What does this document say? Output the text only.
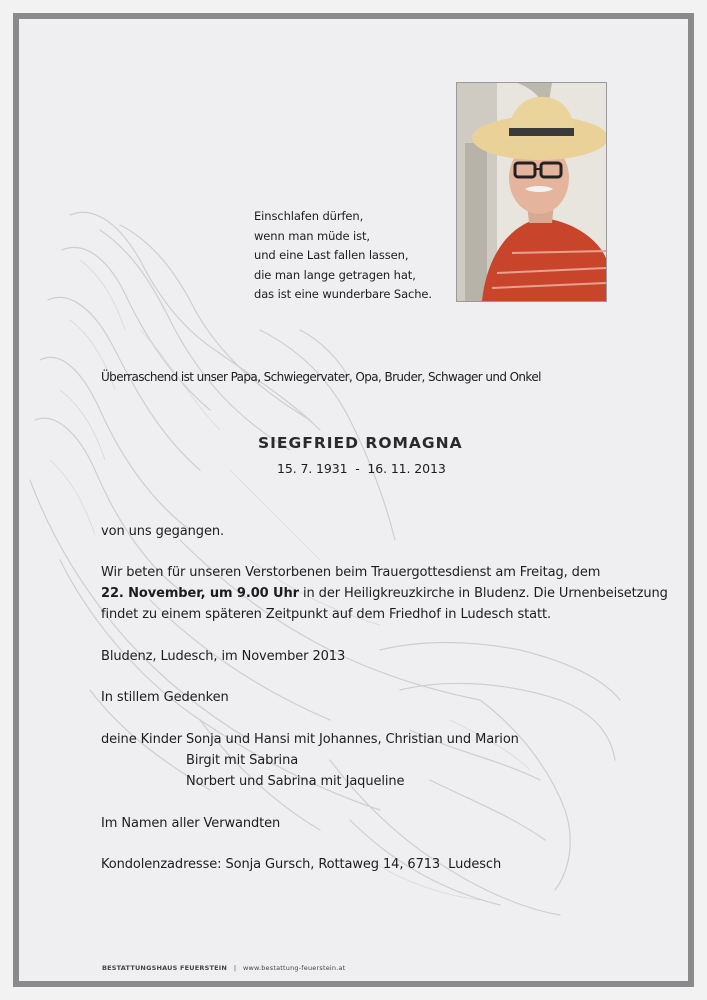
Einschlafen dürfen,
wenn man müde ist,
und eine Last fallen lassen,
die man lange getragen hat,
das ist eine wunderbare Sache.
Überraschend ist unser Papa, Schwiegervater, Opa, Bruder, Schwager und Onkel
SIEGFRIED ROMAGNA
15. 7. 1931  -  16. 11. 2013
von uns gegangen.
Wir beten für unseren Verstorbenen beim Trauergottesdienst am Freitag, dem
22. November, um 9.00 Uhr in der Heiligkreuzkirche in Bludenz. Die Urnenbeisetzung
findet zu einem späteren Zeitpunkt auf dem Friedhof in Ludesch statt.
Bludenz, Ludesch, im November 2013
In stillem Gedenken
deine Kinder Sonja und Hansi mit Johannes, Christian und Marion
Birgit mit Sabrina
Norbert und Sabrina mit Jaqueline
Im Namen aller Verwandten
Kondolenzadresse: Sonja Gursch, Rottaweg 14, 6713  Ludesch
BESTATTUNGSHAUS FEUERSTEIN | www.bestattung-feuerstein.at
